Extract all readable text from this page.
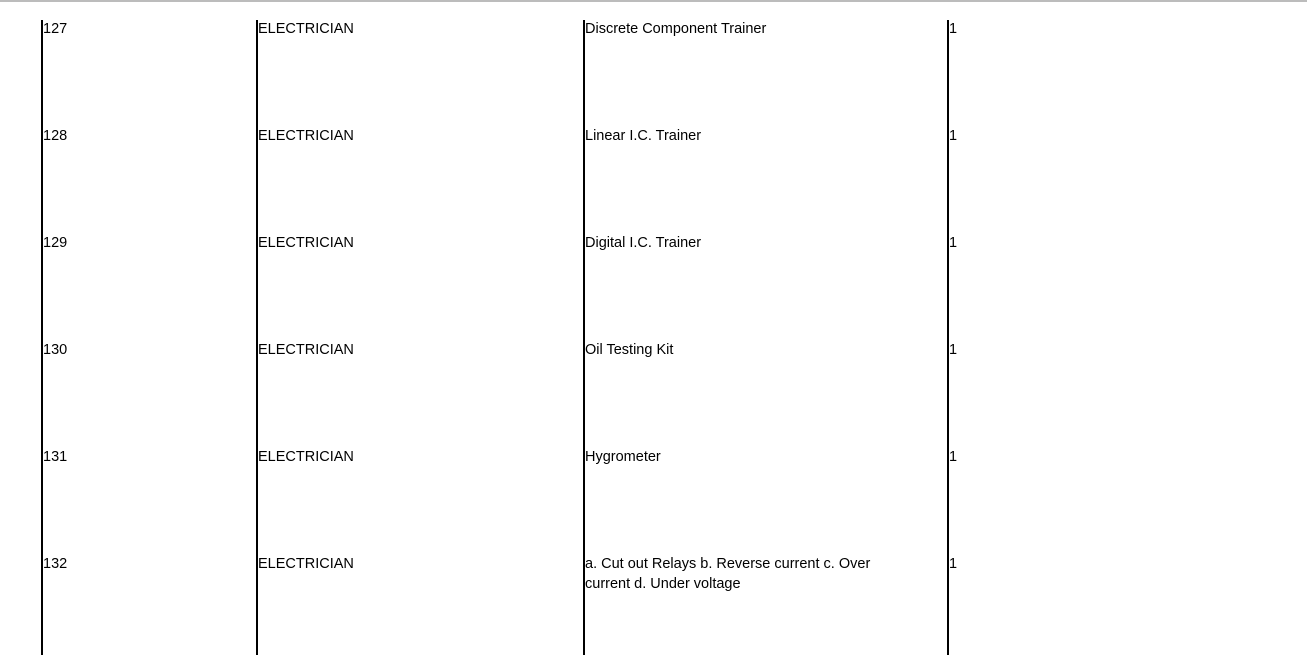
127	ELECTRICIAN	Discrete Component Trainer	1
128	ELECTRICIAN	Linear I.C. Trainer	1
129	ELECTRICIAN	Digital I.C. Trainer	1
130	ELECTRICIAN	Oil Testing Kit	1
131	ELECTRICIAN	Hygrometer	1
132	ELECTRICIAN	a. Cut out Relays b. Reverse current c. Over current d. Under voltage	1
